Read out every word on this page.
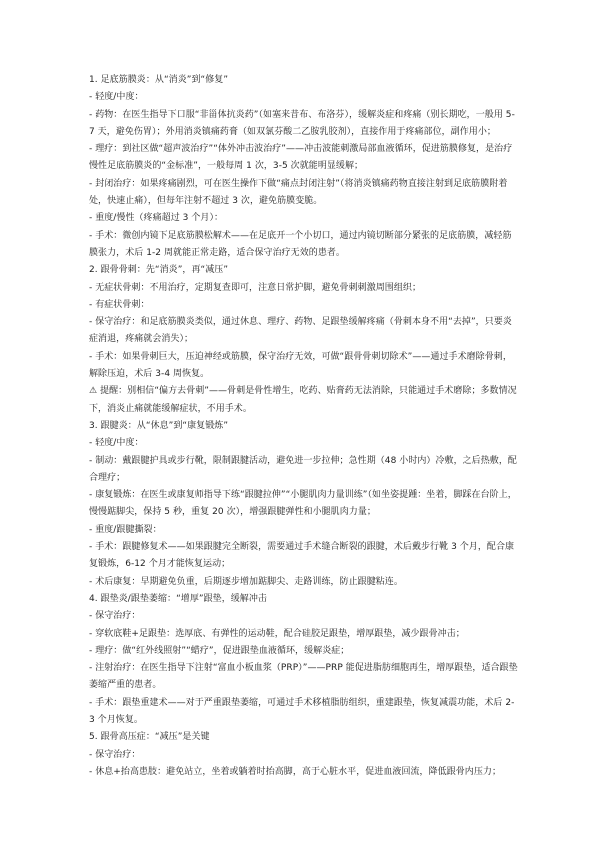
1. 足底筋膜炎：从“消炎”到“修复”

- 轻度/中度：

- 药物：在医生指导下口服“非甾体抗炎药”（如塞来昔布、布洛芬），缓解炎症和疼痛（别长期吃，一般用 5-7 天，避免伤胃）；外用消炎镇痛药膏（如双氯芬酸二乙胺乳胶剂），直接作用于疼痛部位，副作用小；

- 理疗：到社区做“超声波治疗”“体外冲击波治疗”——冲击波能刺激局部血液循环，促进筋膜修复，是治疗慢性足底筋膜炎的“金标准”，一般每周 1 次，3-5 次就能明显缓解；

- 封闭治疗：如果疼痛剧烈，可在医生操作下做“痛点封闭注射”（将消炎镇痛药物直接注射到足底筋膜附着处，快速止痛），但每年注射不超过 3 次，避免筋膜变脆。

- 重度/慢性（疼痛超过 3 个月）：

- 手术：微创内镜下足底筋膜松解术——在足底开一个小切口，通过内镜切断部分紧张的足底筋膜，减轻筋膜张力，术后 1-2 周就能正常走路，适合保守治疗无效的患者。

2. 跟骨骨刺：先“消炎”，再“减压”

- 无症状骨刺：不用治疗，定期复查即可，注意日常护脚，避免骨刺刺激周围组织；

- 有症状骨刺：

- 保守治疗：和足底筋膜炎类似，通过休息、理疗、药物、足跟垫缓解疼痛（骨刺本身不用“去掉”，只要炎症消退，疼痛就会消失）；

- 手术：如果骨刺巨大，压迫神经或筋膜，保守治疗无效，可做“跟骨骨刺切除术”——通过手术磨除骨刺，解除压迫，术后 3-4 周恢复。

⚠ 提醒：别相信“偏方去骨刺”——骨刺是骨性增生，吃药、贴膏药无法消除，只能通过手术磨除；多数情况下，消炎止痛就能缓解症状，不用手术。

3. 跟腱炎：从“休息”到“康复锻炼”

- 轻度/中度：

- 制动：戴跟腱护具或步行靴，限制跟腱活动，避免进一步拉伸；急性期（48 小时内）冷敷，之后热敷，配合理疗；

- 康复锻炼：在医生或康复师指导下练“跟腱拉伸”“小腿肌肉力量训练”（如坐姿提踵：坐着，脚踩在台阶上，慢慢踮脚尖，保持 5 秒，重复 20 次），增强跟腱弹性和小腿肌肉力量；

- 重度/跟腱撕裂：

- 手术：跟腱修复术——如果跟腱完全断裂，需要通过手术缝合断裂的跟腱，术后戴步行靴 3 个月，配合康复锻炼，6-12 个月才能恢复运动；

- 术后康复：早期避免负重，后期逐步增加踮脚尖、走路训练，防止跟腱粘连。

4. 跟垫炎/跟垫萎缩：“增厚”跟垫，缓解冲击

- 保守治疗：

- 穿软底鞋+足跟垫：选厚底、有弹性的运动鞋，配合硅胶足跟垫，增厚跟垫，减少跟骨冲击；

- 理疗：做“红外线照射”“蜡疗”，促进跟垫血液循环，缓解炎症；

- 注射治疗：在医生指导下注射“富血小板血浆（PRP）”——PRP 能促进脂肪细胞再生，增厚跟垫，适合跟垫萎缩严重的患者。

- 手术：跟垫重建术——对于严重跟垫萎缩，可通过手术移植脂肪组织，重建跟垫，恢复减震功能，术后 2-3 个月恢复。

5. 跟骨高压症：“减压”是关键

- 保守治疗：

- 休息+抬高患肢：避免站立，坐着或躺着时抬高脚，高于心脏水平，促进血液回流，降低跟骨内压力；
